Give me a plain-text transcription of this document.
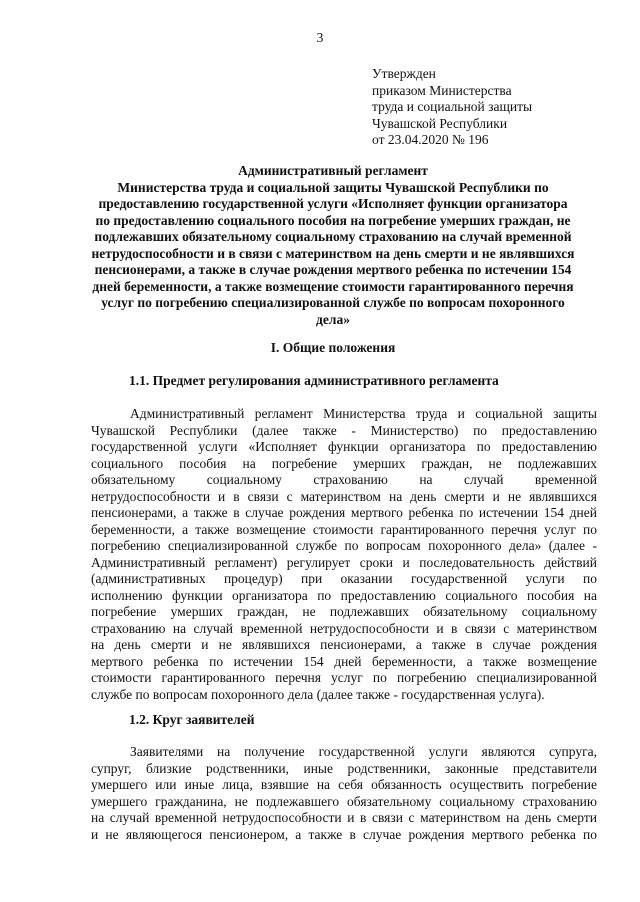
3
Утвержден
приказом Министерства
труда и социальной защиты
Чувашской Республики
от 23.04.2020 № 196
Административный регламент
Министерства труда и социальной защиты Чувашской Республики по
предоставлению государственной услуги «Исполняет функции организатора
по предоставлению социального пособия на погребение умерших граждан, не
подлежавших обязательному социальному страхованию на случай временной
нетрудоспособности и в связи с материнством на день смерти и не являвшихся
пенсионерами, а также в случае рождения мертвого ребенка по истечении 154
дней беременности, а также возмещение стоимости гарантированного перечня
услуг по погребению специализированной службе по вопросам похоронного
дела»
I. Общие положения
1.1. Предмет регулирования административного регламента
Административный регламент Министерства труда и социальной защиты
Чувашской Республики (далее также - Министерство) по предоставлению
государственной услуги «Исполняет функции организатора по предоставлению
социального пособия на погребение умерших граждан, не подлежавших
обязательному социальному страхованию на случай временной
нетрудоспособности и в связи с материнством на день смерти и не являвшихся
пенсионерами, а также в случае рождения мертвого ребенка по истечении 154 дней
беременности, а также возмещение стоимости гарантированного перечня услуг по
погребению специализированной службе по вопросам похоронного дела» (далее -
Административный регламент) регулирует сроки и последовательность действий
(административных процедур) при оказании государственной услуги по
исполнению функции организатора по предоставлению социального пособия на
погребение умерших граждан, не подлежавших обязательному социальному
страхованию на случай временной нетрудоспособности и в связи с материнством
на день смерти и не являвшихся пенсионерами, а также в случае рождения
мертвого ребенка по истечении 154 дней беременности, а также возмещение
стоимости гарантированного перечня услуг по погребению специализированной
службе по вопросам похоронного дела (далее также - государственная услуга).
1.2. Круг заявителей
Заявителями на получение государственной услуги являются супруга,
супруг, близкие родственники, иные родственники, законные представители
умершего или иные лица, взявшие на себя обязанность осуществить погребение
умершего гражданина, не подлежавшего обязательному социальному страхованию
на случай временной нетрудоспособности и в связи с материнством на день смерти
и не являющегося пенсионером, а также в случае рождения мертвого ребенка по
